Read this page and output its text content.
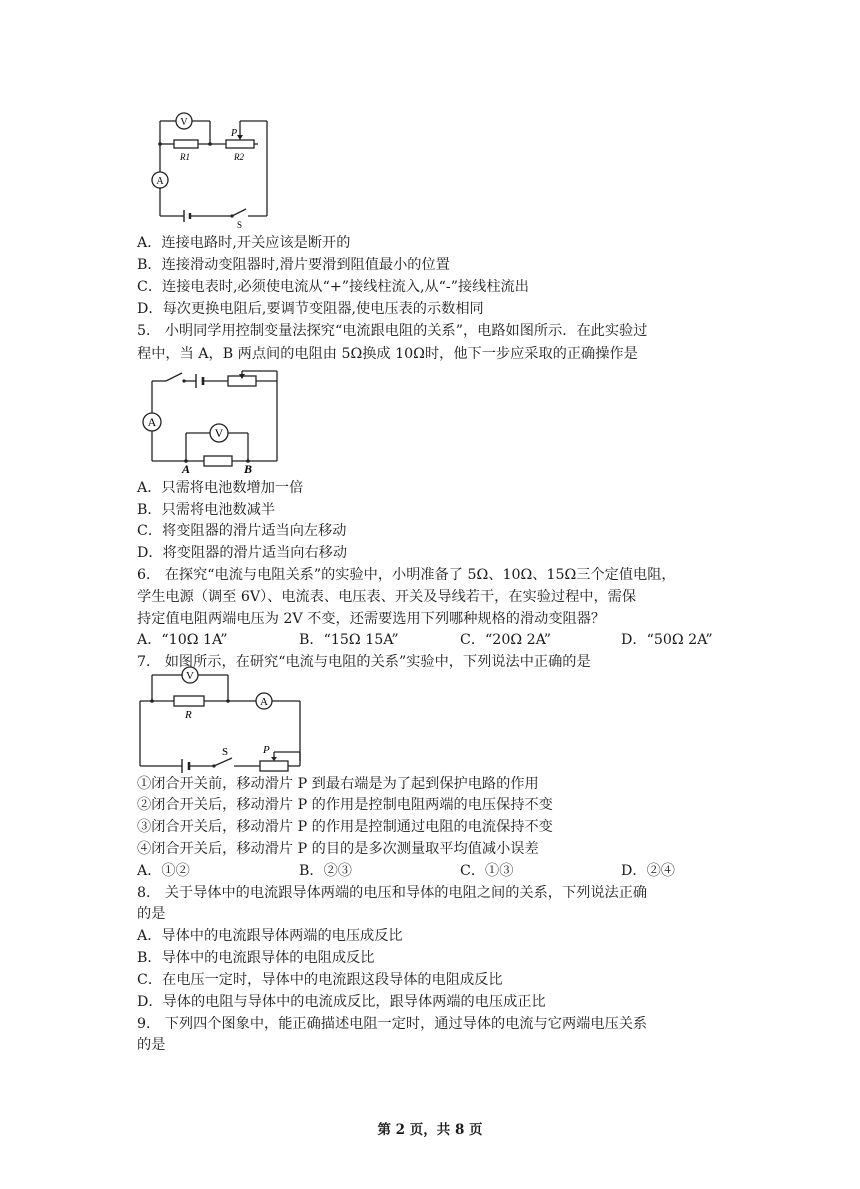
V
A
P
R1	R2
S
A．连接电路时,开关应该是断开的
B．连接滑动变阻器时,滑片要滑到阻值最小的位置
C．连接电表时,必须使电流从“+”接线柱流入,从“-”接线柱流出
D．每次更换电阻后,要调节变阻器,使电压表的示数相同
5． 小明同学用控制变量法探究“电流跟电阻的关系”，电路如图所示．在此实验过
程中，当 A，B 两点间的电阻由 5Ω换成 10Ω时，他下一步应采取的正确操作是
A
V
A	B
A．只需将电池数增加一倍
B．只需将电池数减半
C．将变阻器的滑片适当向左移动
D．将变阻器的滑片适当向右移动
6． 在探究“电流与电阻关系”的实验中，小明准备了 5Ω、10Ω、15Ω三个定值电阻，
学生电源（调至 6V）、电流表、电压表、开关及导线若干，在实验过程中，需保
持定值电阻两端电压为 2V 不变，还需要选用下列哪种规格的滑动变阻器？
A．“10Ω 1A”	B．“15Ω 15A”	C．“20Ω 2A”	D．“50Ω 2A”
7． 如图所示，在研究“电流与电阻的关系”实验中，下列说法中正确的是
V
A
R
S	P
①闭合开关前，移动滑片 P 到最右端是为了起到保护电路的作用
②闭合开关后，移动滑片 P 的作用是控制电阻两端的电压保持不变
③闭合开关后，移动滑片 P 的作用是控制通过电阻的电流保持不变
④闭合开关后，移动滑片 P 的目的是多次测量取平均值减小误差
A．①②	B．②③	C．①③	D．②④
8． 关于导体中的电流跟导体两端的电压和导体的电阻之间的关系，下列说法正确
的是
A．导体中的电流跟导体两端的电压成反比
B．导体中的电流跟导体的电阻成反比
C．在电压一定时，导体中的电流跟这段导体的电阻成反比
D．导体的电阻与导体中的电流成反比，跟导体两端的电压成正比
9． 下列四个图象中，能正确描述电阻一定时，通过导体的电流与它两端电压关系
的是
第 2 页，共 8 页
